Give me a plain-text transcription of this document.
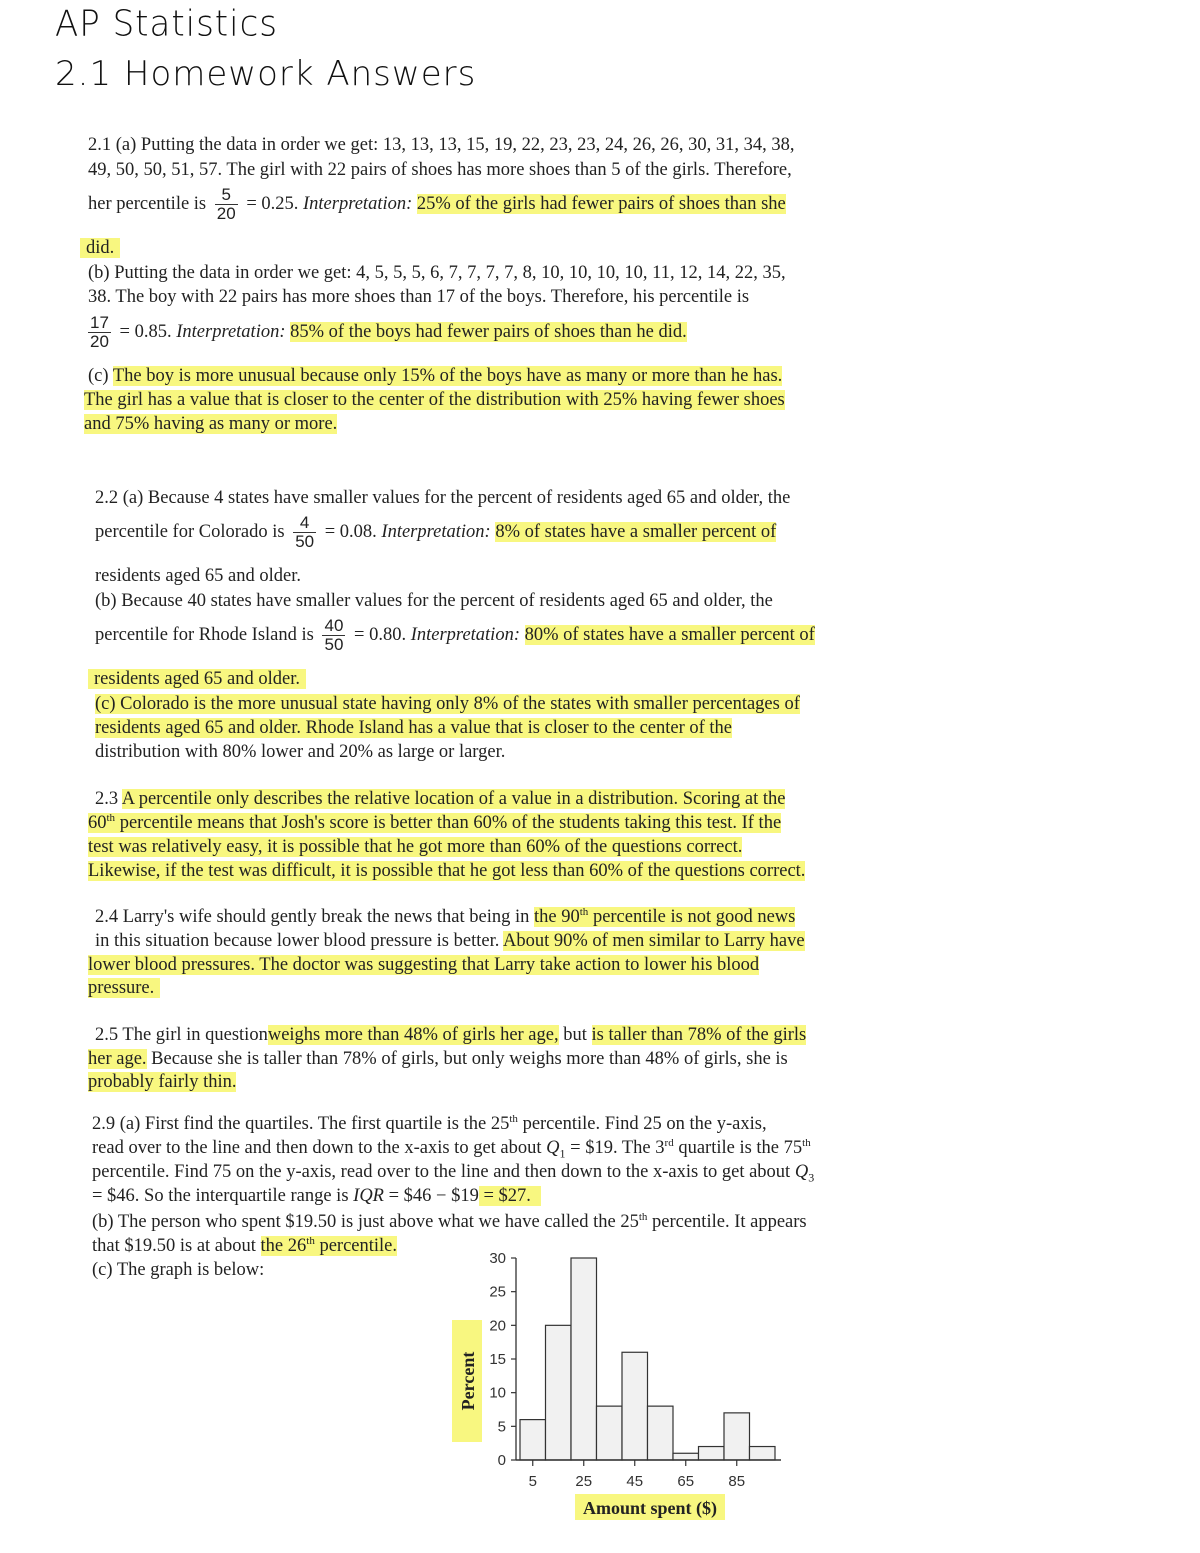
AP Statistics
2.1 Homework Answers

2.1 (a) Putting the data in order we get: 13, 13, 13, 15, 19, 22, 23, 23, 24, 26, 26, 30, 31, 34, 38,

49, 50, 50, 51, 57. The girl with 22 pairs of shoes has more shoes than 5 of the girls. Therefore,

her percentile is $\frac{5}{20} = 0.25$. Interpretation: 25% of the girls had fewer pairs of shoes than she

did.

(b) Putting the data in order we get: 4, 5, 5, 5, 6, 7, 7, 7, 7, 8, 10, 10, 10, 10, 11, 12, 14, 22, 35,

38. The boy with 22 pairs has more shoes than 17 of the boys. Therefore, his percentile is

$\frac{17}{20} = 0.85$. Interpretation: 85% of the boys had fewer pairs of shoes than he did.

(c) The boy is more unusual because only 15% of the boys have as many or more than he has.

The girl has a value that is closer to the center of the distribution with 25% having fewer shoes

and 75% having as many or more.

2.2 (a) Because 4 states have smaller values for the percent of residents aged 65 and older, the

percentile for Colorado is $\frac{4}{50} = 0.08$. Interpretation: 8% of states have a smaller percent of

residents aged 65 and older.

(b) Because 40 states have smaller values for the percent of residents aged 65 and older, the

percentile for Rhode Island is $\frac{40}{50} = 0.80$. Interpretation: 80% of states have a smaller percent of

residents aged 65 and older.

(c) Colorado is the more unusual state having only 8% of the states with smaller percentages of

residents aged 65 and older. Rhode Island has a value that is closer to the center of the

distribution with 80% lower and 20% as large or larger.

2.3 A percentile only describes the relative location of a value in a distribution. Scoring at the

60th percentile means that Josh's score is better than 60% of the students taking this test. If the

test was relatively easy, it is possible that he got more than 60% of the questions correct.

Likewise, if the test was difficult, it is possible that he got less than 60% of the questions correct.

2.4 Larry's wife should gently break the news that being in the 90th percentile is not good news

in this situation because lower blood pressure is better. About 90% of men similar to Larry have

lower blood pressures. The doctor was suggesting that Larry take action to lower his blood

pressure.

2.5 The girl in questionweighs more than 48% of girls her age, but is taller than 78% of the girls

her age. Because she is taller than 78% of girls, but only weighs more than 48% of girls, she is

probably fairly thin.

2.9 (a) First find the quartiles. The first quartile is the 25th percentile. Find 25 on the y-axis,

read over to the line and then down to the x-axis to get about $Q_1$ = $19. The 3rd quartile is the 75th

percentile. Find 75 on the y-axis, read over to the line and then down to the x-axis to get about $Q_3$

= $46. So the interquartile range is IQR = $46 − $19 = $27.

(b) The person who spent $19.50 is just above what we have called the 25th percentile. It appears

that $19.50 is at about the 26th percentile.

(c) The graph is below:

Percent
0
5
10
15
20
25
30
5	25 45 65 85
Amount spent ($)
